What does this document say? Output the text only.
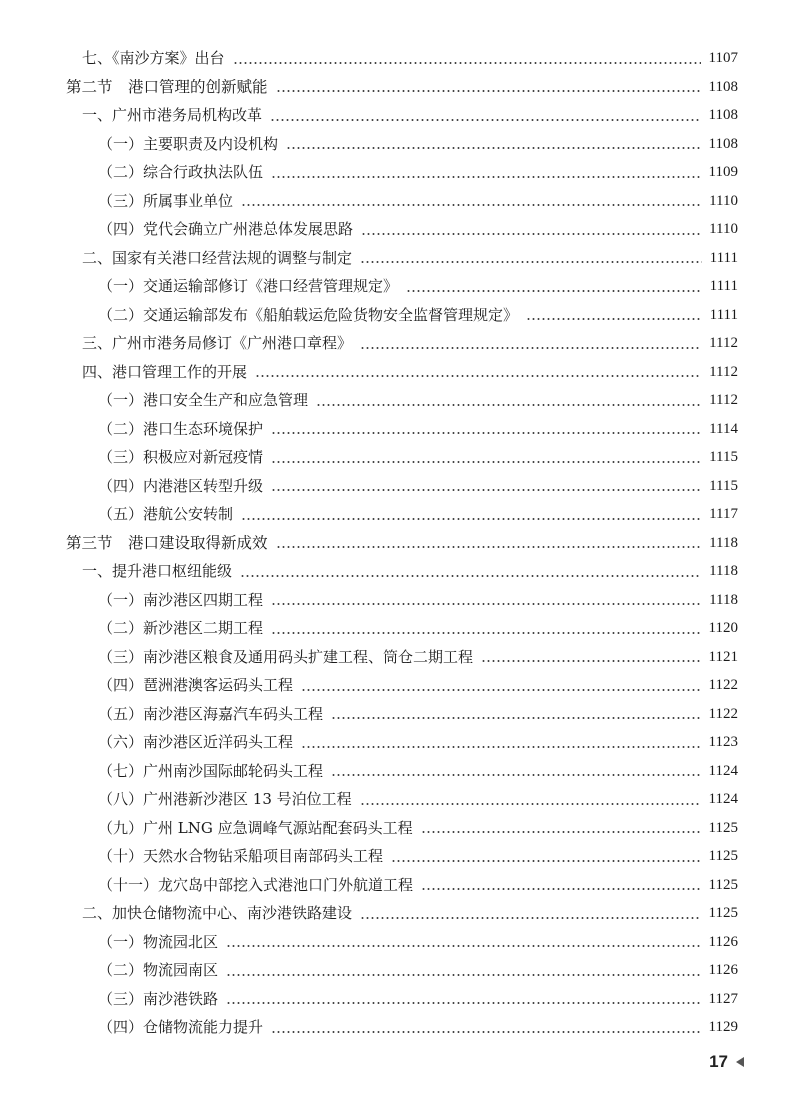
七、《南沙方案》出台	1107
第二节　港口管理的创新赋能	1108
一、广州市港务局机构改革	1108
（一）主要职责及内设机构	1108
（二）综合行政执法队伍	1109
（三）所属事业单位	1110
（四）党代会确立广州港总体发展思路	1110
二、国家有关港口经营法规的调整与制定	1111
（一）交通运输部修订《港口经营管理规定》	1111
（二）交通运输部发布《船舶载运危险货物安全监督管理规定》	1111
三、广州市港务局修订《广州港口章程》	1112
四、港口管理工作的开展	1112
（一）港口安全生产和应急管理	1112
（二）港口生态环境保护	1114
（三）积极应对新冠疫情	1115
（四）内港港区转型升级	1115
（五）港航公安转制	1117
第三节　港口建设取得新成效	1118
一、提升港口枢纽能级	1118
（一）南沙港区四期工程	1118
（二）新沙港区二期工程	1120
（三）南沙港区粮食及通用码头扩建工程、筒仓二期工程	1121
（四）琶洲港澳客运码头工程	1122
（五）南沙港区海嘉汽车码头工程	1122
（六）南沙港区近洋码头工程	1123
（七）广州南沙国际邮轮码头工程	1124
（八）广州港新沙港区 13 号泊位工程	1124
（九）广州 LNG 应急调峰气源站配套码头工程	1125
（十）天然水合物钻采船项目南部码头工程	1125
（十一）龙穴岛中部挖入式港池口门外航道工程	1125
二、加快仓储物流中心、南沙港铁路建设	1125
（一）物流园北区	1126
（二）物流园南区	1126
（三）南沙港铁路	1127
（四）仓储物流能力提升	1129
17
